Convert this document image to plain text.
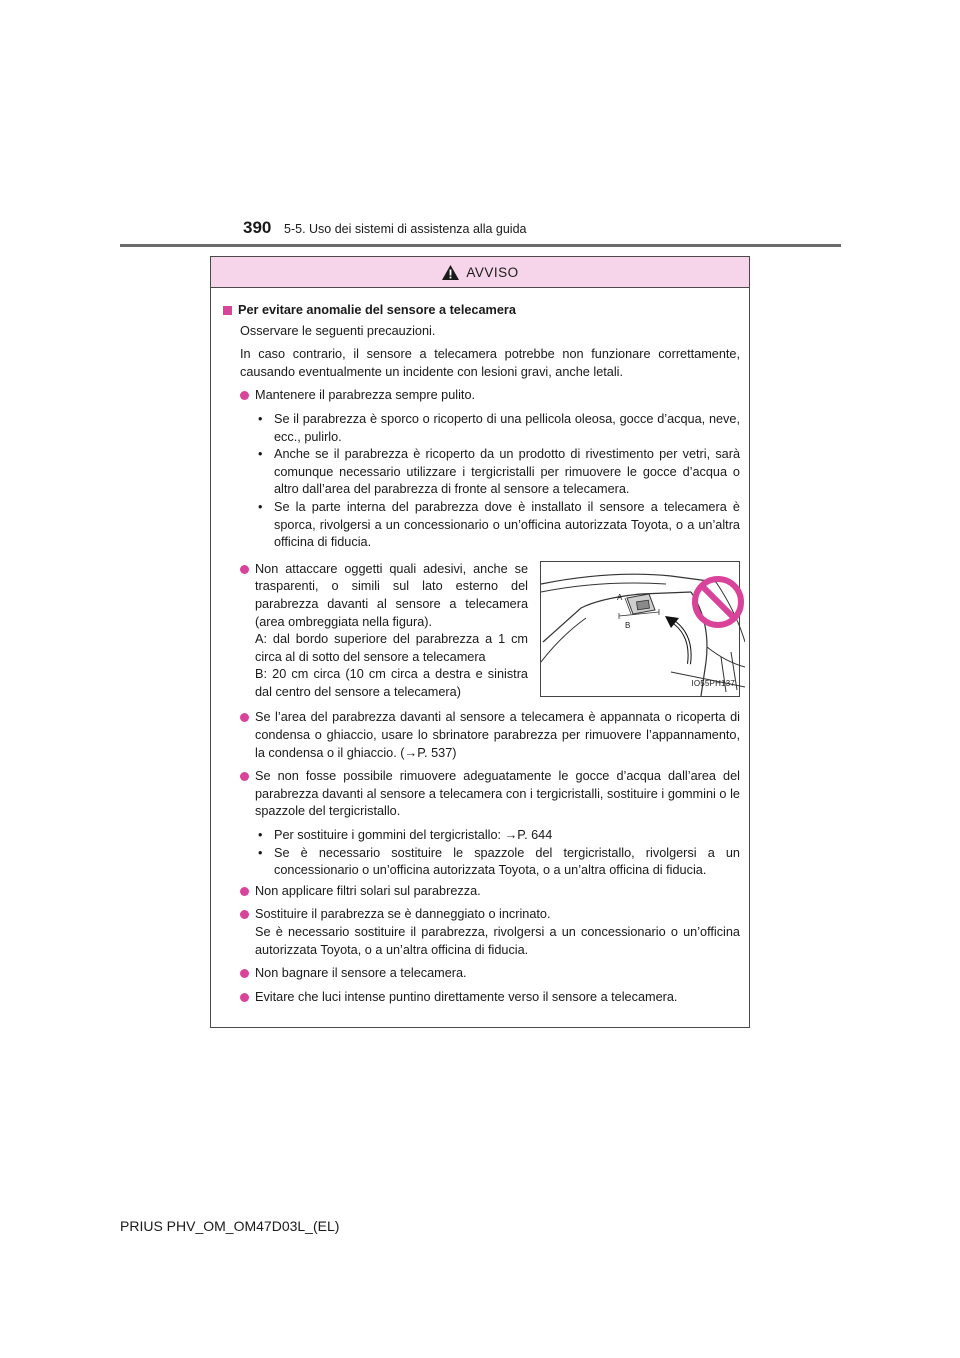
390 5-5. Uso dei sistemi di assistenza alla guida
AVVISO
Per evitare anomalie del sensore a telecamera

Osservare le seguenti precauzioni.

In caso contrario, il sensore a telecamera potrebbe non funzionare correttamente, causando eventualmente un incidente con lesioni gravi, anche letali.

Mantenere il parabrezza sempre pulito.
• Se il parabrezza è sporco o ricoperto di una pellicola oleosa, gocce d’acqua, neve, ecc., pulirlo.
• Anche se il parabrezza è ricoperto da un prodotto di rivestimento per vetri, sarà comunque necessario utilizzare i tergicristalli per rimuovere le gocce d’acqua o altro dall’area del parabrezza di fronte al sensore a telecamera.
• Se la parte interna del parabrezza dove è installato il sensore a telecamera è sporca, rivolgersi a un concessionario o un’officina autorizzata Toyota, o a un’altra officina di fiducia.
Non attaccare oggetti quali adesivi, anche se trasparenti, o simili sul lato esterno del parabrezza davanti al sensore a telecamera (area ombreggiata nella figura).
A: dal bordo superiore del parabrezza a 1 cm circa al di sotto del sensore a telecamera
B: 20 cm circa (10 cm circa a destra e sinistra dal centro del sensore a telecamera)
A
B
IO55PH137
Se l’area del parabrezza davanti al sensore a telecamera è appannata o ricoperta di condensa o ghiaccio, usare lo sbrinatore parabrezza per rimuovere l’appannamento, la condensa o il ghiaccio. (→P. 537)
Se non fosse possibile rimuovere adeguatamente le gocce d’acqua dall’area del parabrezza davanti al sensore a telecamera con i tergicristalli, sostituire i gommini o le spazzole del tergicristallo.
• Per sostituire i gommini del tergicristallo: →P. 644
• Se è necessario sostituire le spazzole del tergicristallo, rivolgersi a un concessionario o un’officina autorizzata Toyota, o a un’altra officina di fiducia.
Non applicare filtri solari sul parabrezza.
Sostituire il parabrezza se è danneggiato o incrinato.
Se è necessario sostituire il parabrezza, rivolgersi a un concessionario o un’officina autorizzata Toyota, o a un’altra officina di fiducia.
Non bagnare il sensore a telecamera.
Evitare che luci intense puntino direttamente verso il sensore a telecamera.
PRIUS PHV_OM_OM47D03L_(EL)
